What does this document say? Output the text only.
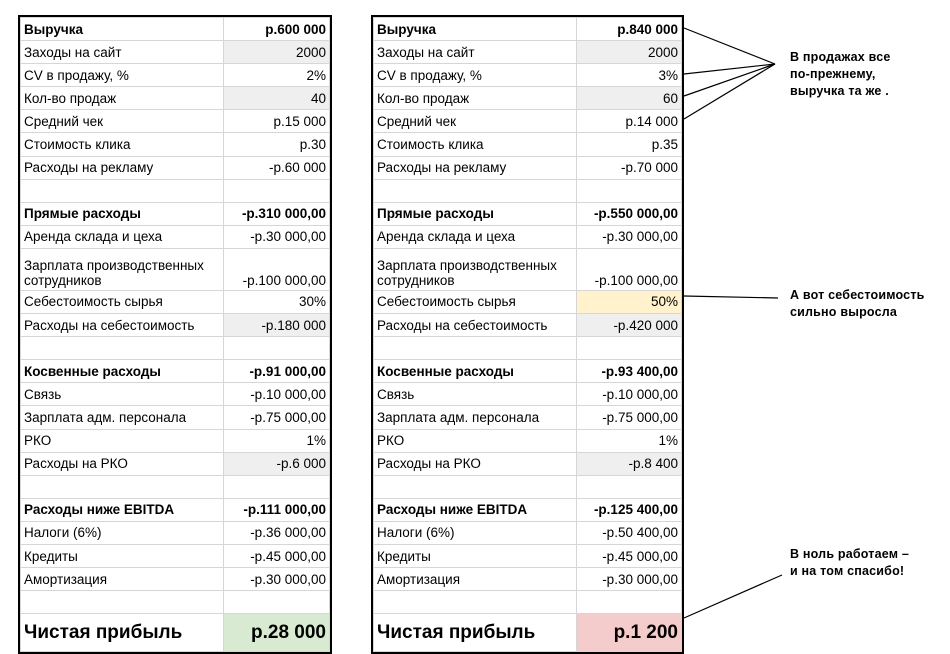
Выручка	р.600 000
Заходы на сайт	2000
CV в продажу, %	2%
Кол-во продаж	40
Средний чек	р.15 000
Стоимость клика	р.30
Расходы на рекламу	-р.60 000

Прямые расходы	-р.310 000,00
Аренда склада и цеха	-р.30 000,00
Зарплата производственных сотрудников	-р.100 000,00
Себестоимость сырья	30%
Расходы на себестоимость	-р.180 000

Косвенные расходы	-р.91 000,00
Связь	-р.10 000,00
Зарплата адм. персонала	-р.75 000,00
РКО	1%
Расходы на РКО	-р.6 000

Расходы ниже EBITDA	-р.111 000,00
Налоги (6%)	-р.36 000,00
Кредиты	-р.45 000,00
Амортизация	-р.30 000,00

Чистая прибыль	р.28 000
Выручка	р.840 000
Заходы на сайт	2000
CV в продажу, %	3%
Кол-во продаж	60
Средний чек	р.14 000
Стоимость клика	р.35
Расходы на рекламу	-р.70 000

Прямые расходы	-р.550 000,00
Аренда склада и цеха	-р.30 000,00
Зарплата производственных сотрудников	-р.100 000,00
Себестоимость сырья	50%
Расходы на себестоимость	-р.420 000

Косвенные расходы	-р.93 400,00
Связь	-р.10 000,00
Зарплата адм. персонала	-р.75 000,00
РКО	1%
Расходы на РКО	-р.8 400

Расходы ниже EBITDA	-р.125 400,00
Налоги (6%)	-р.50 400,00
Кредиты	-р.45 000,00
Амортизация	-р.30 000,00

Чистая прибыль	р.1 200
В продажах все
по-прежнему,
выручка та же .
А вот себестоимость
сильно выросла
В ноль работаем –
и на том спасибо!
